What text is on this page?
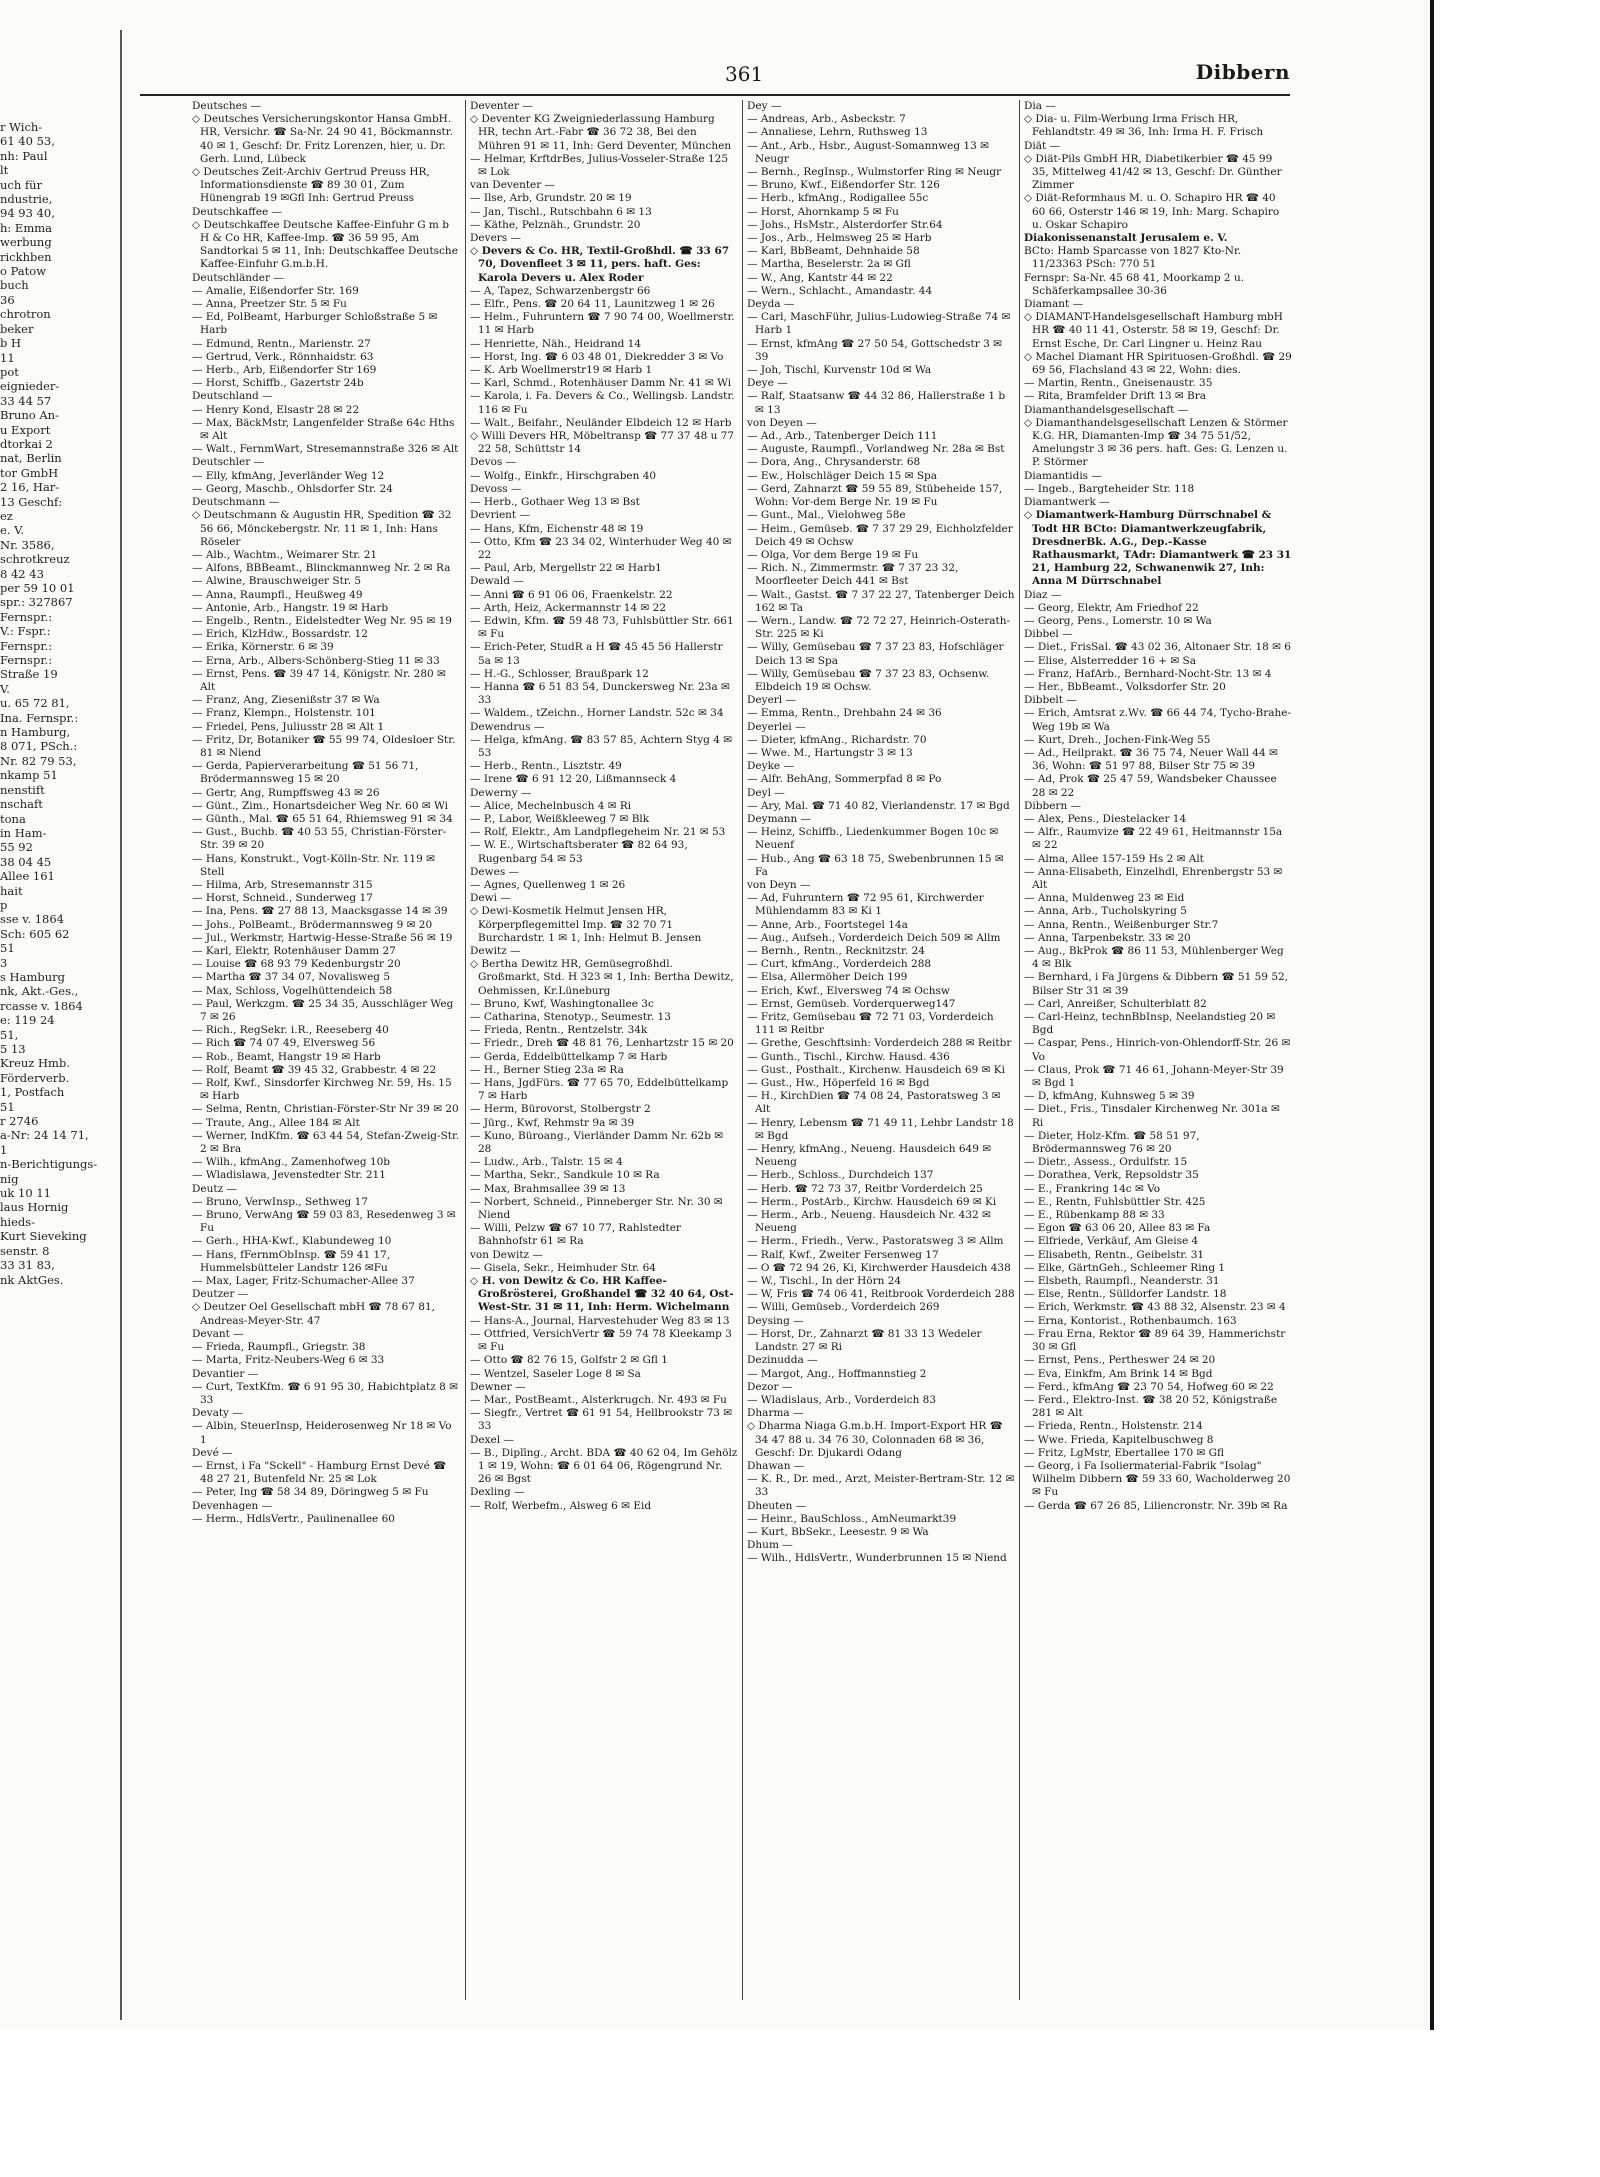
r Wich-
61 40 53,
nh: Paul
lt
uch für
ndustrie,
94 93 40,
h: Emma
werbung
rickhben
o Patow
buch
36
chrotron
beker
b H
11
pot
eignieder-
33 44 57
Bruno An-
u Export
dtorkai 2
nat, Berlin
tor GmbH
2 16, Har-
13 Geschf:
ez
e. V.
Nr. 3586,
schrotkreuz
8 42 43
per 59 10 01
spr.: 327867
Fernspr.:
V.: Fspr.:
Fernspr.:
Fernspr.:
Straße 19
V.
u. 65 72 81,
Ina. Fernspr.:
n Hamburg,
8 071, PSch.:
Nr. 82 79 53,
nkamp 51
nenstift
nschaft
tona
in Ham-
55 92
38 04 45
Allee 161
hait
p
sse v. 1864
Sch: 605 62
51
3
s Hamburg
nk, Akt.-Ges.,
rcasse v. 1864
e: 119 24
51,
5 13
Kreuz Hmb.
Förderverb.
1, Postfach
51
r 2746
a-Nr: 24 14 71,
1
n-Berichtigungs-
nig
uk 10 11
laus Hornig
hieds-
Kurt Sieveking
senstr. 8
33 31 83,
nk AktGes.
361	Dibbern
Deutsches —
◇ Deutsches Versicherungskontor Hansa GmbH. HR, Versichr. ☎ Sa-Nr. 24 90 41, Böckmannstr. 40 ✉ 1, Geschf: Dr. Fritz Lorenzen, hier, u. Dr. Gerh. Lund, Lübeck
◇ Deutsches Zeit-Archiv Gertrud Preuss HR, Informationsdienste ☎ 89 30 01, Zum Hünengrab 19 ✉Gfl Inh: Gertrud Preuss
Deutschkaffee —
◇ Deutschkaffee Deutsche Kaffee-Einfuhr G m b H & Co HR, Kaffee-Imp. ☎ 36 59 95, Am Sandtorkai 5 ✉ 11, Inh: Deutschkaffee Deutsche Kaffee-Einfuhr G.m.b.H.
Deutschländer —
— Amalie, Eißendorfer Str. 169
— Anna, Preetzer Str. 5 ✉ Fu
— Ed, PolBeamt, Harburger Schloßstraße 5 ✉ Harb
— Edmund, Rentn., Marienstr. 27
— Gertrud, Verk., Rönnhaidstr. 63
— Herb., Arb, Eißendorfer Str 169
— Horst, Schiffb., Gazertstr 24b
Deutschland —
— Henry Kond, Elsastr 28 ✉ 22
— Max, BäckMstr, Langenfelder Straße 64c Hths ✉ Alt
— Walt., FernmWart, Stresemannstraße 326 ✉ Alt
Deutschler —
— Elly, kfmAng, Jeverländer Weg 12
— Georg, Maschb., Ohlsdorfer Str. 24
Deutschmann —
◇ Deutschmann & Augustin HR, Spedition ☎ 32 56 66, Mönckebergstr. Nr. 11 ✉ 1, Inh: Hans Röseler
— Alb., Wachtm., Weimarer Str. 21
— Alfons, BBBeamt., Blinckmannweg Nr. 2 ✉ Ra
— Alwine, Brauschweiger Str. 5
— Anna, Raumpfl., Heußweg 49
— Antonie, Arb., Hangstr. 19 ✉ Harb
— Engelb., Rentn., Eidelstedter Weg Nr. 95 ✉ 19
— Erich, KlzHdw., Bossardstr. 12
— Erika, Körnerstr. 6 ✉ 39
— Erna, Arb., Albers-Schönberg-Stieg 11 ✉ 33
— Ernst, Pens. ☎ 39 47 14, Königstr. Nr. 280 ✉ Alt
— Franz, Ang, Ziesenißstr 37 ✉ Wa
— Franz, Klempn., Holstenstr. 101
— Friedel, Pens, Juliusstr 28 ✉ Alt 1
— Fritz, Dr, Botaniker ☎ 55 99 74, Oldesloer Str. 81 ✉ Niend
— Gerda, Papierverarbeitung ☎ 51 56 71, Brödermannsweg 15 ✉ 20
— Gertr, Ang, Rumpffsweg 43 ✉ 26
— Günt., Zim., Honartsdeicher Weg Nr. 60 ✉ Wi
— Günth., Mal. ☎ 65 51 64, Rhiemsweg 91 ✉ 34
— Gust., Buchb. ☎ 40 53 55, Christian-Förster-Str. 39 ✉ 20
— Hans, Konstrukt., Vogt-Kölln-Str. Nr. 119 ✉ Stell
— Hilma, Arb, Stresemannstr 315
— Horst, Schneid., Sunderweg 17
— Ina, Pens. ☎ 27 88 13, Maacksgasse 14 ✉ 39
— Johs., PolBeamt., Brödermannsweg 9 ✉ 20
— Jul., Werkmstr, Hartwig-Hesse-Straße 56 ✉ 19
— Karl, Elektr, Rotenhäuser Damm 27
— Louise ☎ 68 93 79 Kedenburgstr 20
— Martha ☎ 37 34 07, Novalisweg 5
— Max, Schloss, Vogelhüttendeich 58
— Paul, Werkzgm. ☎ 25 34 35, Ausschläger Weg 7 ✉ 26
— Rich., RegSekr. i.R., Reeseberg 40
— Rich ☎ 74 07 49, Elversweg 56
— Rob., Beamt, Hangstr 19 ✉ Harb
— Rolf, Beamt ☎ 39 45 32, Grabbestr. 4 ✉ 22
— Rolf, Kwf., Sinsdorfer Kirchweg Nr. 59, Hs. 15 ✉ Harb
— Selma, Rentn, Christian-Förster-Str Nr 39 ✉ 20
— Traute, Ang., Allee 184 ✉ Alt
— Werner, IndKfm. ☎ 63 44 54, Stefan-Zweig-Str. 2 ✉ Bra
— Wilh., kfmAng., Zamenhofweg 10b
— Wladislawa, Jevenstedter Str. 211
Deutz —
— Bruno, VerwInsp., Sethweg 17
— Bruno, VerwAng ☎ 59 03 83, Resedenweg 3 ✉ Fu
— Gerh., HHA-Kwf., Klabundeweg 10
— Hans, fFernmObInsp. ☎ 59 41 17, Hummelsbütteler Landstr 126 ✉Fu
— Max, Lager, Fritz-Schumacher-Allee 37
Deutzer —
◇ Deutzer Oel Gesellschaft mbH ☎ 78 67 81, Andreas-Meyer-Str. 47
Devant —
— Frieda, Raumpfl., Griegstr. 38
— Marta, Fritz-Neubers-Weg 6 ✉ 33
Devantier —
— Curt, TextKfm. ☎ 6 91 95 30, Habichtplatz 8 ✉ 33
Devaty —
— Albin, SteuerInsp, Heiderosenweg Nr 18 ✉ Vo 1
Devé —
— Ernst, i Fa "Sckell" - Hamburg Ernst Devé ☎ 48 27 21, Butenfeld Nr. 25 ✉ Lok
— Peter, Ing ☎ 58 34 89, Döringweg 5 ✉ Fu
Devenhagen —
— Herm., HdlsVertr., Paulinenallee 60
Deventer —
◇ Deventer KG Zweigniederlassung Hamburg HR, techn Art.-Fabr ☎ 36 72 38, Bei den Mühren 91 ✉ 11, Inh: Gerd Deventer, München
— Helmar, KrftdrBes, Julius-Vosseler-Straße 125 ✉ Lok
van Deventer —
— Ilse, Arb, Grundstr. 20 ✉ 19
— Jan, Tischl., Rutschbahn 6 ✉ 13
— Käthe, Pelznäh., Grundstr. 20
Devers —
◇ Devers & Co. HR, Textil-Großhdl. ☎ 33 67 70, Dovenfleet 3 ✉ 11, pers. haft. Ges: Karola Devers u. Alex Roder
— A, Tapez, Schwarzenbergstr 66
— Elfr., Pens. ☎ 20 64 11, Launitzweg 1 ✉ 26
— Helm., Fuhruntern ☎ 7 90 74 00, Woellmerstr. 11 ✉ Harb
— Henriette, Näh., Heidrand 14
— Horst, Ing. ☎ 6 03 48 01, Diekredder 3 ✉ Vo
— K. Arb Woellmerstr19 ✉ Harb 1
— Karl, Schmd., Rotenhäuser Damm Nr. 41 ✉ Wi
— Karola, i. Fa. Devers & Co., Wellingsb. Landstr. 116 ✉ Fu
— Walt., Beifahr., Neuländer Elbdeich 12 ✉ Harb
◇ Willi Devers HR, Möbeltransp ☎ 77 37 48 u 77 22 58, Schüttstr 14
Devos —
— Wolfg., Einkfr., Hirschgraben 40
Devoss —
— Herb., Gothaer Weg 13 ✉ Bst
Devrient —
— Hans, Kfm, Eichenstr 48 ✉ 19
— Otto, Kfm ☎ 23 34 02, Winterhuder Weg 40 ✉ 22
— Paul, Arb, Mergellstr 22 ✉ Harb1
Dewald —
— Anni ☎ 6 91 06 06, Fraenkelstr. 22
— Arth, Heiz, Ackermannstr 14 ✉ 22
— Edwin, Kfm. ☎ 59 48 73, Fuhlsbüttler Str. 661 ✉ Fu
— Erich-Peter, StudR a H ☎ 45 45 56 Hallerstr 5a ✉ 13
— H.-G., Schlosser, Braußpark 12
— Hanna ☎ 6 51 83 54, Dunckersweg Nr. 23a ✉ 33
— Waldem., tZeichn., Horner Landstr. 52c ✉ 34
Dewendrus —
— Helga, kfmAng. ☎ 83 57 85, Achtern Styg 4 ✉ 53
— Herb., Rentn., Lisztstr. 49
— Irene ☎ 6 91 12 20, Lißmannseck 4
Dewerny —
— Alice, Mechelnbusch 4 ✉ Ri
— P., Labor, Weißkleeweg 7 ✉ Blk
— Rolf, Elektr., Am Landpflegeheim Nr. 21 ✉ 53
— W. E., Wirtschaftsberater ☎ 82 64 93, Rugenbarg 54 ✉ 53
Dewes —
— Agnes, Quellenweg 1 ✉ 26
Dewi —
◇ Dewi-Kosmetik Helmut Jensen HR, Körperpflegemittel Imp. ☎ 32 70 71 Burchardstr. 1 ✉ 1, Inh: Helmut B. Jensen
Dewitz —
◇ Bertha Dewitz HR, Gemüsegroßhdl. Großmarkt, Std. H 323 ✉ 1, Inh: Bertha Dewitz, Oehmissen, Kr.Lüneburg
— Bruno, Kwf, Washingtonallee 3c
— Catharina, Stenotyp., Seumestr. 13
— Frieda, Rentn., Rentzelstr. 34k
— Friedr., Dreh ☎ 48 81 76, Lenhartzstr 15 ✉ 20
— Gerda, Eddelbüttelkamp 7 ✉ Harb
— H., Berner Stieg 23a ✉ Ra
— Hans, JgdFürs. ☎ 77 65 70, Eddelbüttelkamp 7 ✉ Harb
— Herm, Bürovorst, Stolbergstr 2
— Jürg., Kwf, Rehmstr 9a ✉ 39
— Kuno, Büroang., Vierländer Damm Nr. 62b ✉ 28
— Ludw., Arb., Talstr. 15 ✉ 4
— Martha, Sekr., Sandkule 10 ✉ Ra
— Max, Brahmsallee 39 ✉ 13
— Norbert, Schneid., Pinneberger Str. Nr. 30 ✉ Niend
— Willi, Pelzw ☎ 67 10 77, Rahlstedter Bahnhofstr 61 ✉ Ra
von Dewitz —
— Gisela, Sekr., Heimhuder Str. 64
◇ H. von Dewitz & Co. HR Kaffee-Großrösterei, Großhandel ☎ 32 40 64, Ost-West-Str. 31 ✉ 11, Inh: Herm. Wichelmann
— Hans-A., Journal, Harvestehuder Weg 83 ✉ 13
— Ottfried, VersichVertr ☎ 59 74 78 Kleekamp 3 ✉ Fu
— Otto ☎ 82 76 15, Golfstr 2 ✉ Gfl 1
— Wentzel, Saseler Loge 8 ✉ Sa
Dewner —
— Mar., PostBeamt., Alsterkrugch. Nr. 493 ✉ Fu
— Siegfr., Vertret ☎ 61 91 54, Hellbrookstr 73 ✉ 33
Dexel —
— B., Diplīng., Archt. BDA ☎ 40 62 04, Im Gehölz 1 ✉ 19, Wohn: ☎ 6 01 64 06, Rögengrund Nr. 26 ✉ Bgst
Dexling —
— Rolf, Werbefm., Alsweg 6 ✉ Eid
Dey —
— Andreas, Arb., Asbeckstr. 7
— Annaliese, Lehrn, Ruthsweg 13
— Ant., Arb., Hsbr., August-Somannweg 13 ✉ Neugr
— Bernh., RegInsp., Wulmstorfer Ring ✉ Neugr
— Bruno, Kwf., Eißendorfer Str. 126
— Herb., kfmAng., Rodigallee 55c
— Horst, Ahornkamp 5 ✉ Fu
— Johs., HsMstr., Alsterdorfer Str.64
— Jos., Arb., Helmsweg 25 ✉ Harb
— Karl, BbBeamt, Dehnhaide 58
— Martha, Beselerstr. 2a ✉ Gfl
— W., Ang, Kantstr 44 ✉ 22
— Wern., Schlacht., Amandastr. 44
Deyda —
— Carl, MaschFühr, Julius-Ludowieg-Straße 74 ✉ Harb 1
— Ernst, kfmAng ☎ 27 50 54, Gottschedstr 3 ✉ 39
— Joh, Tischl, Kurvenstr 10d ✉ Wa
Deye —
— Ralf, Staatsanw ☎ 44 32 86, Hallerstraße 1 b ✉ 13
von Deyen —
— Ad., Arb., Tatenberger Deich 111
— Auguste, Raumpfl., Vorlandweg Nr. 28a ✉ Bst
— Dora, Ang., Chrysanderstr. 68
— Ew., Holschläger Deich 15 ✉ Spa
— Gerd, Zahnarzt ☎ 59 55 89, Stübeheide 157, Wohn: Vor-dem Berge Nr. 19 ✉ Fu
— Gunt., Mal., Vielohweg 58e
— Heim., Gemüseb. ☎ 7 37 29 29, Eichholzfelder Deich 49 ✉ Ochsw
— Olga, Vor dem Berge 19 ✉ Fu
— Rich. N., Zimmermstr. ☎ 7 37 23 32, Moorfleeter Deich 441 ✉ Bst
— Walt., Gastst. ☎ 7 37 22 27, Tatenberger Deich 162 ✉ Ta
— Wern., Landw. ☎ 72 72 27, Heinrich-Osterath-Str. 225 ✉ Ki
— Willy, Gemüsebau ☎ 7 37 23 83, Hofschläger Deich 13 ✉ Spa
— Willy, Gemüsebau ☎ 7 37 23 83, Ochsenw. Elbdeich 19 ✉ Ochsw.
Deyerl —
— Emma, Rentn., Drehbahn 24 ✉ 36
Deyerlei —
— Dieter, kfmAng., Richardstr. 70
— Wwe. M., Hartungstr 3 ✉ 13
Deyke —
— Alfr. BehAng, Sommerpfad 8 ✉ Po
Deyl —
— Ary, Mal. ☎ 71 40 82, Vierlandenstr. 17 ✉ Bgd
Deymann —
— Heinz, Schiffb., Liedenkummer Bogen 10c ✉ Neuenf
— Hub., Ang ☎ 63 18 75, Swebenbrunnen 15 ✉ Fa
von Deyn —
— Ad, Fuhruntern ☎ 72 95 61, Kirchwerder Mühlendamm 83 ✉ Ki 1
— Anne, Arb., Foortstegel 14a
— Aug., Aufseh., Vorderdeich Deich 509 ✉ Allm
— Bernh., Rentn., Recknitzstr. 24
— Curt, kfmAng., Vorderdeich 288
— Elsa, Allermöher Deich 199
— Erich, Kwf., Elversweg 74 ✉ Ochsw
— Ernst, Gemüseb. Vorderquerweg147
— Fritz, Gemüsebau ☎ 72 71 03, Vorderdeich 111 ✉ Reitbr
— Grethe, Geschftsinh: Vorderdeich 288 ✉ Reitbr
— Gunth., Tischl., Kirchw. Hausd. 436
— Gust., Posthalt., Kirchenw. Hausdeich 69 ✉ Ki
— Gust., Hw., Höperfeld 16 ✉ Bgd
— H., KirchDien ☎ 74 08 24, Pastoratsweg 3 ✉ Alt
— Henry, Lebensm ☎ 71 49 11, Lehbr Landstr 18 ✉ Bgd
— Henry, kfmAng., Neueng. Hausdeich 649 ✉ Neueng
— Herb., Schloss., Durchdeich 137
— Herb. ☎ 72 73 37, Reitbr Vorderdeich 25
— Herm., PostArb., Kirchw. Hausdeich 69 ✉ Ki
— Herm., Arb., Neueng. Hausdeich Nr. 432 ✉ Neueng
— Herm., Friedh., Verw., Pastoratsweg 3 ✉ Allm
— Ralf, Kwf., Zweiter Fersenweg 17
— O ☎ 72 94 26, Ki, Kirchwerder Hausdeich 438
— W., Tischl., In der Hörn 24
— W, Fris ☎ 74 06 41, Reitbrook Vorderdeich 288
— Willi, Gemüseb., Vorderdeich 269
Deysing —
— Horst, Dr., Zahnarzt ☎ 81 33 13 Wedeler Landstr. 27 ✉ Ri
Dezinudda —
— Margot, Ang., Hoffmannstieg 2
Dezor —
— Wladislaus, Arb., Vorderdeich 83
Dharma —
◇ Dharma Niaga G.m.b.H. Import-Export HR ☎ 34 47 88 u. 34 76 30, Colonnaden 68 ✉ 36, Geschf: Dr. Djukardi Odang
Dhawan —
— K. R., Dr. med., Arzt, Meister-Bertram-Str. 12 ✉ 33
Dheuten —
— Heinr., BauSchloss., AmNeumarkt39
— Kurt, BbSekr., Leesestr. 9 ✉ Wa
Dhum —
— Wilh., HdlsVertr., Wunderbrunnen 15 ✉ Niend
Dia —
◇ Dia- u. Film-Werbung Irma Frisch HR, Fehlandtstr. 49 ✉ 36, Inh: Irma H. F. Frisch
Diät —
◇ Diät-Pils GmbH HR, Diabetikerbier ☎ 45 99 35, Mittelweg 41/42 ✉ 13, Geschf: Dr. Günther Zimmer
◇ Diät-Reformhaus M. u. O. Schapiro HR ☎ 40 60 66, Osterstr 146 ✉ 19, Inh: Marg. Schapiro u. Oskar Schapiro
Diakonissenanstalt Jerusalem e. V.
BCto: Hamb Sparcasse von 1827 Kto-Nr. 11/23363 PSch: 770 51
Fernspr: Sa-Nr. 45 68 41, Moorkamp 2 u. Schäferkampsallee 30-36
Diamant —
◇ DIAMANT-Handelsgesellschaft Hamburg mbH HR ☎ 40 11 41, Osterstr. 58 ✉ 19, Geschf: Dr. Ernst Esche, Dr. Carl Lingner u. Heinz Rau
◇ Machel Diamant HR Spirituosen-Großhdl. ☎ 29 69 56, Flachsland 43 ✉ 22, Wohn: dies.
— Martin, Rentn., Gneisenaustr. 35
— Rita, Bramfelder Drift 13 ✉ Bra
Diamanthandelsgesellschaft —
◇ Diamanthandelsgesellschaft Lenzen & Störmer K.G. HR, Diamanten-Imp ☎ 34 75 51/52, Amelungstr 3 ✉ 36 pers. haft. Ges: G. Lenzen u. P. Störmer
Diamantidis —
— Ingeb., Bargteheider Str. 118
Diamantwerk —
◇ Diamantwerk-Hamburg Dürrschnabel & Todt HR BCto: Diamantwerkzeugfabrik, DresdnerBk. A.G., Dep.-Kasse Rathausmarkt, TAdr: Diamantwerk ☎ 23 31 21, Hamburg 22, Schwanenwik 27, Inh: Anna M Dürrschnabel
Diaz —
— Georg, Elektr, Am Friedhof 22
— Georg, Pens., Lomerstr. 10 ✉ Wa
Dibbel —
— Diet., FrisSal. ☎ 43 02 36, Altonaer Str. 18 ✉ 6
— Elise, Alsterredder 16 + ✉ Sa
— Franz, HafArb., Bernhard-Nocht-Str. 13 ✉ 4
— Her., BbBeamt., Volksdorfer Str. 20
Dibbelt —
— Erich, Amtsrat z.Wv. ☎ 66 44 74, Tycho-Brahe-Weg 19b ✉ Wa
— Kurt, Dreh., Jochen-Fink-Weg 55
— Ad., Heilprakt. ☎ 36 75 74, Neuer Wall 44 ✉ 36, Wohn: ☎ 51 97 88, Bilser Str 75 ✉ 39
— Ad, Prok ☎ 25 47 59, Wandsbeker Chaussee 28 ✉ 22
Dibbern —
— Alex, Pens., Diestelacker 14
— Alfr., Raumvize ☎ 22 49 61, Heitmannstr 15a ✉ 22
— Alma, Allee 157-159 Hs 2 ✉ Alt
— Anna-Elisabeth, Einzelhdl, Ehrenbergstr 53 ✉ Alt
— Anna, Muldenweg 23 ✉ Eid
— Anna, Arb., Tucholskyring 5
— Anna, Rentn., Weißenburger Str.7
— Anna, Tarpenbekstr. 33 ✉ 20
— Aug., BkProk ☎ 86 11 53, Mühlenberger Weg 4 ✉ Blk
— Bernhard, i Fa Jürgens & Dibbern ☎ 51 59 52, Bilser Str 31 ✉ 39
— Carl, Anreißer, Schulterblatt 82
— Carl-Heinz, technBbInsp, Neelandstieg 20 ✉ Bgd
— Caspar, Pens., Hinrich-von-Ohlendorff-Str. 26 ✉ Vo
— Claus, Prok ☎ 71 46 61, Johann-Meyer-Str 39 ✉ Bgd 1
— D, kfmAng, Kuhnsweg 5 ✉ 39
— Diet., Fris., Tinsdaler Kirchenweg Nr. 301a ✉ Ri
— Dieter, Holz-Kfm. ☎ 58 51 97, Brödermannsweg 76 ✉ 20
— Dietr., Assess., Ordulfstr. 15
— Dorathea, Verk, Repsoldstr 35
— E., Frankring 14c ✉ Vo
— E., Rentn, Fuhlsbüttler Str. 425
— E., Rübenkamp 88 ✉ 33
— Egon ☎ 63 06 20, Allee 83 ✉ Fa
— Elfriede, Verkäuf, Am Gleise 4
— Elisabeth, Rentn., Geibelstr. 31
— Elke, GärtnGeh., Schleemer Ring 1
— Elsbeth, Raumpfl., Neanderstr. 31
— Else, Rentn., Sülldorfer Landstr. 18
— Erich, Werkmstr. ☎ 43 88 32, Alsenstr. 23 ✉ 4
— Erna, Kontorist., Rothenbaumch. 163
— Frau Erna, Rektor ☎ 89 64 39, Hammerichstr 30 ✉ Gfl
— Ernst, Pens., Pertheswег 24 ✉ 20
— Eva, Einkfm, Am Brink 14 ✉ Bgd
— Ferd., kfmAng ☎ 23 70 54, Hofweg 60 ✉ 22
— Ferd., Elektro-Inst. ☎ 38 20 52, Königstraße 281 ✉ Alt
— Frieda, Rentn., Holstenstr. 214
— Wwe. Frieda, Kapitelbuschweg 8
— Fritz, LgMstr, Ebertallee 170 ✉ Gfl
— Georg, i Fa Isoliermaterial-Fabrik "Isolag" Wilhelm Dibbern ☎ 59 33 60, Wacholderweg 20 ✉ Fu
— Gerda ☎ 67 26 85, Liliencronstr. Nr. 39b ✉ Ra
